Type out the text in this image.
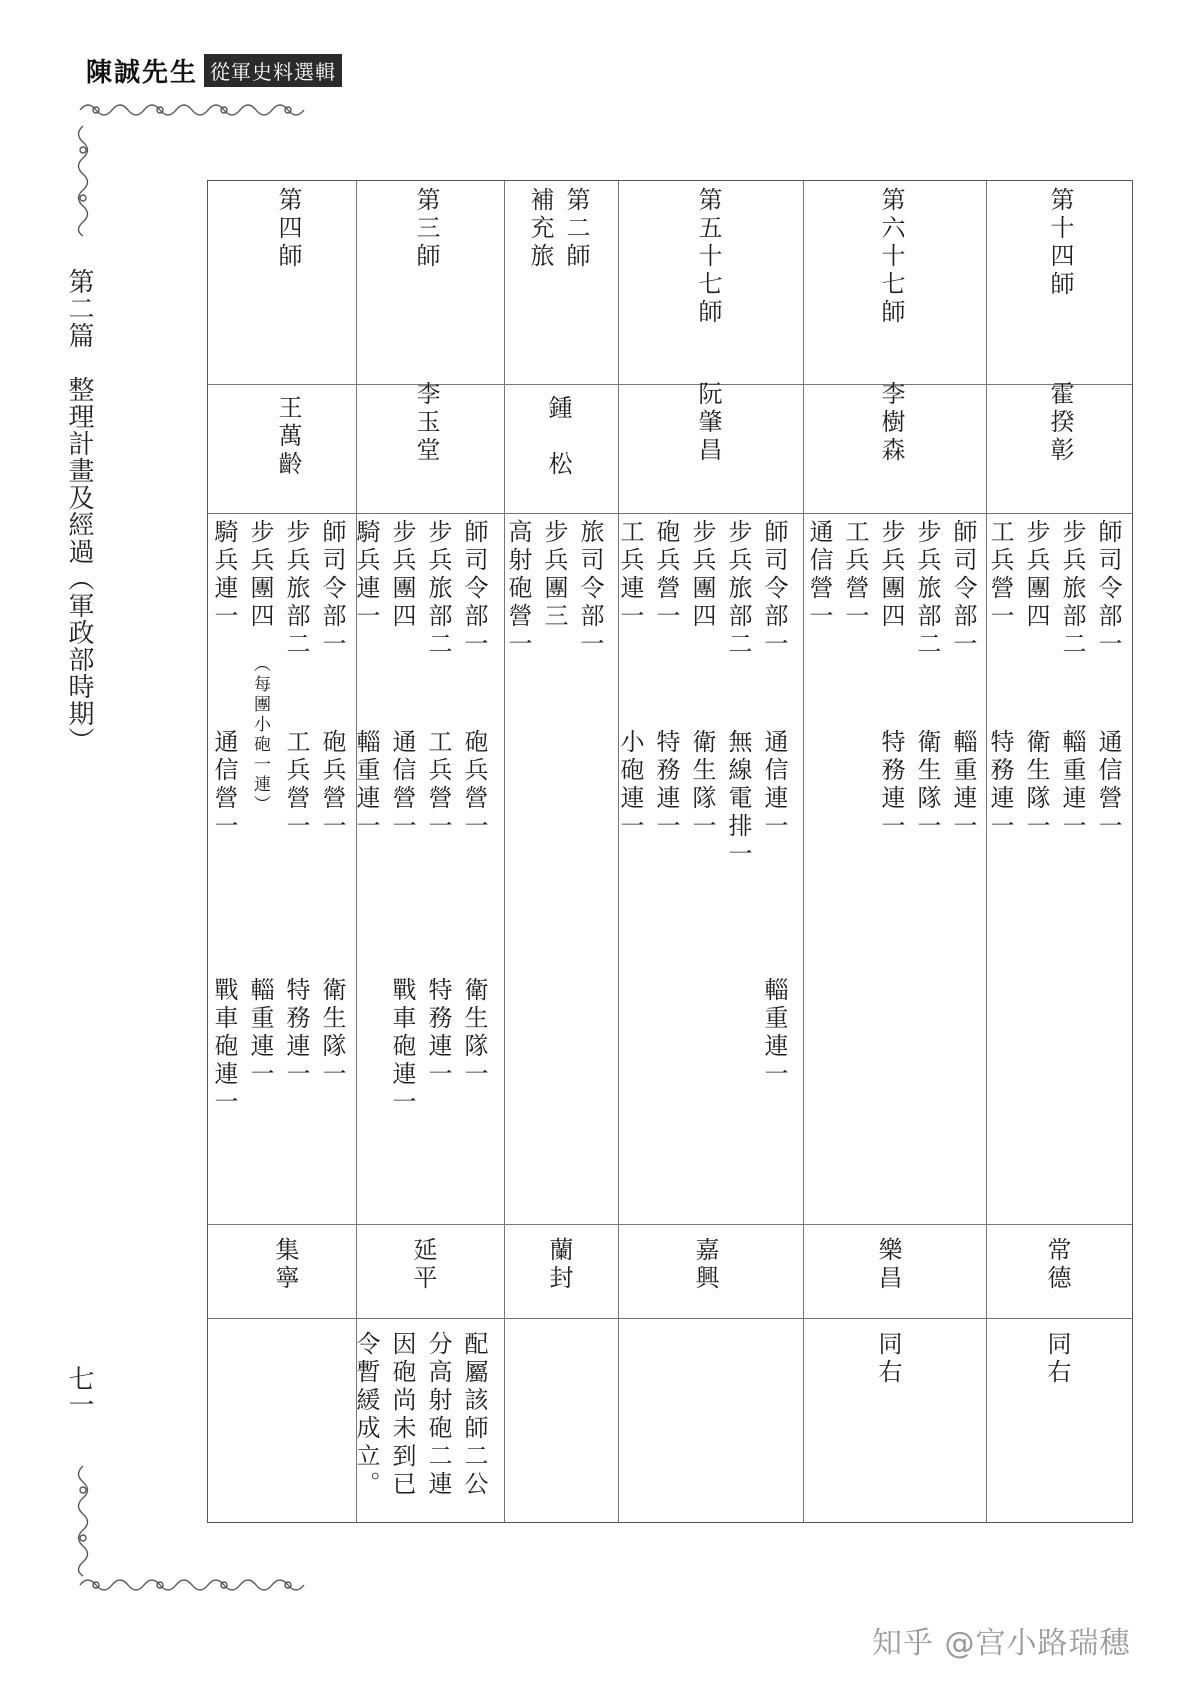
陳誠先生 從軍史料選輯
第二篇　整理計畫及經過（軍政部時期）
七一
第四師
王萬齡
師司令部一
步兵旅部二
步兵團四
騎兵連一
（每團小砲一連） 砲兵營一
工兵營一
通信營一
衛生隊一
特務連一
輜重連一
戰車砲連一
集寧
第三師
李玉堂
師司令部一
步兵旅部二
步兵團四
騎兵連一
砲兵營一
工兵營一
通信營一
輜重連一
衛生隊一
特務連一
戰車砲連一
延平
配屬該師二公
分高射砲二連
因砲尚未到已
令暫緩成立。
第二師
補充旅
鍾　松
旅司令部一
步兵團三
高射砲營一
蘭封
第五十七師
阮肇昌
師司令部一
步兵旅部二
步兵團四
砲兵營一
工兵連一
通信連一
無線電排一
衛生隊一
特務連一
小砲連一
輜重連一
嘉興
第六十七師
李樹森
師司令部一
步兵旅部二
步兵團四
工兵營一
通信營一
輜重連一
衛生隊一
特務連一
樂昌
同右
第十四師
霍揆彰
師司令部一
步兵旅部二
步兵團四
工兵營一
通信營一
輜重連一
衛生隊一
特務連一
常德
同右
知乎 @宫小路瑞穗
